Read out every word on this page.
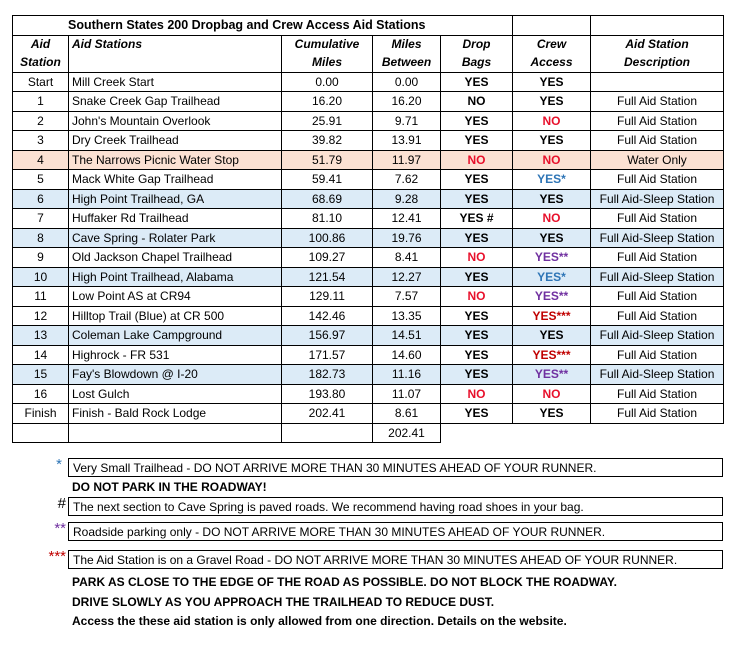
Southern States 200 Dropbag and Crew Access Aid Stations						
Aid	Aid Stations	Cumulative	Miles	Drop	Crew	Aid Station
Station		Miles	Between	Bags	Access	Description
Start	Mill Creek Start	0.00	0.00	YES	YES	
1	Snake Creek Gap Trailhead	16.20	16.20	NO	YES	Full Aid Station
2	John's Mountain Overlook	25.91	9.71	YES	NO	Full Aid Station
3	Dry Creek Trailhead	39.82	13.91	YES	YES	Full Aid Station
4	The Narrows Picnic Water Stop	51.79	11.97	NO	NO	Water Only
5	Mack White Gap Trailhead	59.41	7.62	YES	YES*	Full Aid Station
6	High Point Trailhead, GA	68.69	9.28	YES	YES	Full Aid-Sleep Station
7	Huffaker Rd Trailhead	81.10	12.41	YES #	NO	Full Aid Station
8	Cave Spring - Rolater Park	100.86	19.76	YES	YES	Full Aid-Sleep Station
9	Old Jackson Chapel Trailhead	109.27	8.41	NO	YES**	Full Aid Station
10	High Point Trailhead, Alabama	121.54	12.27	YES	YES*	Full Aid-Sleep Station
11	Low Point AS at CR94	129.11	7.57	NO	YES**	Full Aid Station
12	Hilltop Trail (Blue) at CR 500	142.46	13.35	YES	YES***	Full Aid Station
13	Coleman Lake Campground	156.97	14.51	YES	YES	Full Aid-Sleep Station
14	Highrock - FR 531	171.57	14.60	YES	YES***	Full Aid Station
15	Fay's Blowdown @ I-20	182.73	11.16	YES	YES**	Full Aid-Sleep Station
16	Lost Gulch	193.80	11.07	NO	NO	Full Aid Station
Finish	Finish - Bald Rock Lodge	202.41	8.61	YES	YES	Full Aid Station
			202.41			
* Very Small Trailhead - DO NOT ARRIVE MORE THAN 30 MINUTES AHEAD OF YOUR RUNNER.
DO NOT PARK IN THE ROADWAY!
# The next section to Cave Spring is paved roads. We recommend having road shoes in your bag.
** Roadside parking only - DO NOT ARRIVE MORE THAN 30 MINUTES AHEAD OF YOUR RUNNER.
*** The Aid Station is on a Gravel Road - DO NOT ARRIVE MORE THAN 30 MINUTES AHEAD OF YOUR RUNNER.
PARK AS CLOSE TO THE EDGE OF THE ROAD AS POSSIBLE. DO NOT BLOCK THE ROADWAY.
DRIVE SLOWLY AS YOU APPROACH THE TRAILHEAD TO REDUCE DUST.
Access the these aid station is only allowed from one direction. Details on the website.
